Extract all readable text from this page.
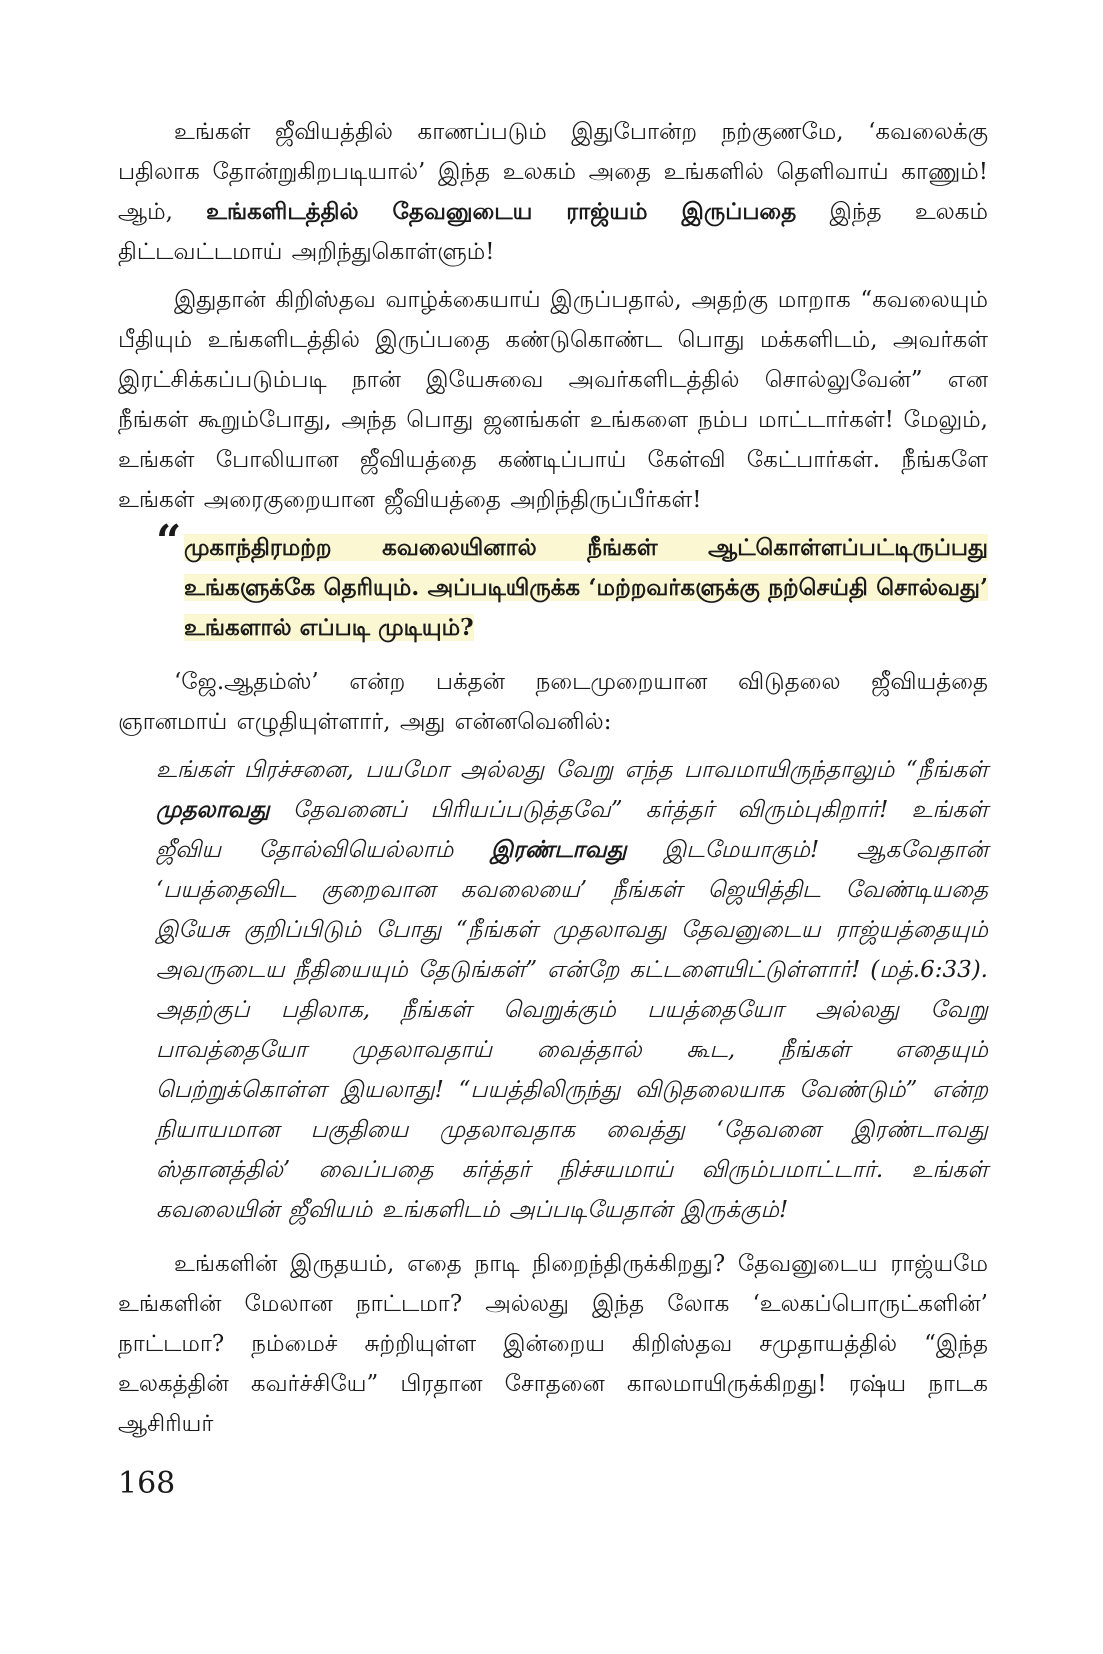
உங்கள் ஜீவியத்தில் காணப்படும் இதுபோன்ற நற்குணமே, ‘கவலைக்கு பதிலாக தோன்றுகிறபடியால்’ இந்த உலகம் அதை உங்களில் தெளிவாய் காணும்! ஆம், உங்களிடத்தில் தேவனுடைய ராஜ்யம் இருப்பதை இந்த உலகம் திட்டவட்டமாய் அறிந்துகொள்ளும்!

இதுதான் கிறிஸ்தவ வாழ்க்கையாய் இருப்பதால், அதற்கு மாறாக “கவலையும் பீதியும் உங்களிடத்தில் இருப்பதை கண்டுகொண்ட பொது மக்களிடம், அவர்கள் இரட்சிக்கப்படும்படி நான் இயேசுவை அவர்களிடத்தில் சொல்லுவேன்” என நீங்கள் கூறும்போது, அந்த பொது ஜனங்கள் உங்களை நம்ப மாட்டார்கள்! மேலும், உங்கள் போலியான ஜீவியத்தை கண்டிப்பாய் கேள்வி கேட்பார்கள். நீங்களே உங்கள் அரைகுறையான ஜீவியத்தை அறிந்திருப்பீர்கள்!

“ முகாந்திரமற்ற கவலையினால் நீங்கள் ஆட்கொள்ளப்பட்டிருப்பது உங்களுக்கே தெரியும். அப்படியிருக்க ‘மற்றவர்களுக்கு நற்செய்தி சொல்வது’ உங்களால் எப்படி முடியும்?

‘ஜே.ஆதம்ஸ்’ என்ற பக்தன் நடைமுறையான விடுதலை ஜீவியத்தை ஞானமாய் எழுதியுள்ளார், அது என்னவெனில்:

உங்கள் பிரச்சனை, பயமோ அல்லது வேறு எந்த பாவமாயிருந்தாலும் “நீங்கள் முதலாவது தேவனைப் பிரியப்படுத்தவே” கர்த்தர் விரும்புகிறார்! உங்கள் ஜீவிய தோல்வியெல்லாம் இரண்டாவது இடமேயாகும்! ஆகவேதான் ‘பயத்தைவிட குறைவான கவலையை’ நீங்கள் ஜெயித்திட வேண்டியதை இயேசு குறிப்பிடும் போது “நீங்கள் முதலாவது தேவனுடைய ராஜ்யத்தையும் அவருடைய நீதியையும் தேடுங்கள்” என்றே கட்டளையிட்டுள்ளார்! (மத்.6:33). அதற்குப் பதிலாக, நீங்கள் வெறுக்கும் பயத்தையோ அல்லது வேறு பாவத்தையோ முதலாவதாய் வைத்தால் கூட, நீங்கள் எதையும் பெற்றுக்கொள்ள இயலாது! “பயத்திலிருந்து விடுதலையாக வேண்டும்” என்ற நியாயமான பகுதியை முதலாவதாக வைத்து ‘தேவனை இரண்டாவது ஸ்தானத்தில்’ வைப்பதை கர்த்தர் நிச்சயமாய் விரும்பமாட்டார். உங்கள் கவலையின் ஜீவியம் உங்களிடம் அப்படியேதான் இருக்கும்!

உங்களின் இருதயம், எதை நாடி நிறைந்திருக்கிறது? தேவனுடைய ராஜ்யமே உங்களின் மேலான நாட்டமா? அல்லது இந்த லோக ‘உலகப்பொருட்களின்’ நாட்டமா? நம்மைச் சுற்றியுள்ள இன்றைய கிறிஸ்தவ சமுதாயத்தில் “இந்த உலகத்தின் கவர்ச்சியே” பிரதான சோதனை காலமாயிருக்கிறது! ரஷ்ய நாடக ஆசிரியர்

168
